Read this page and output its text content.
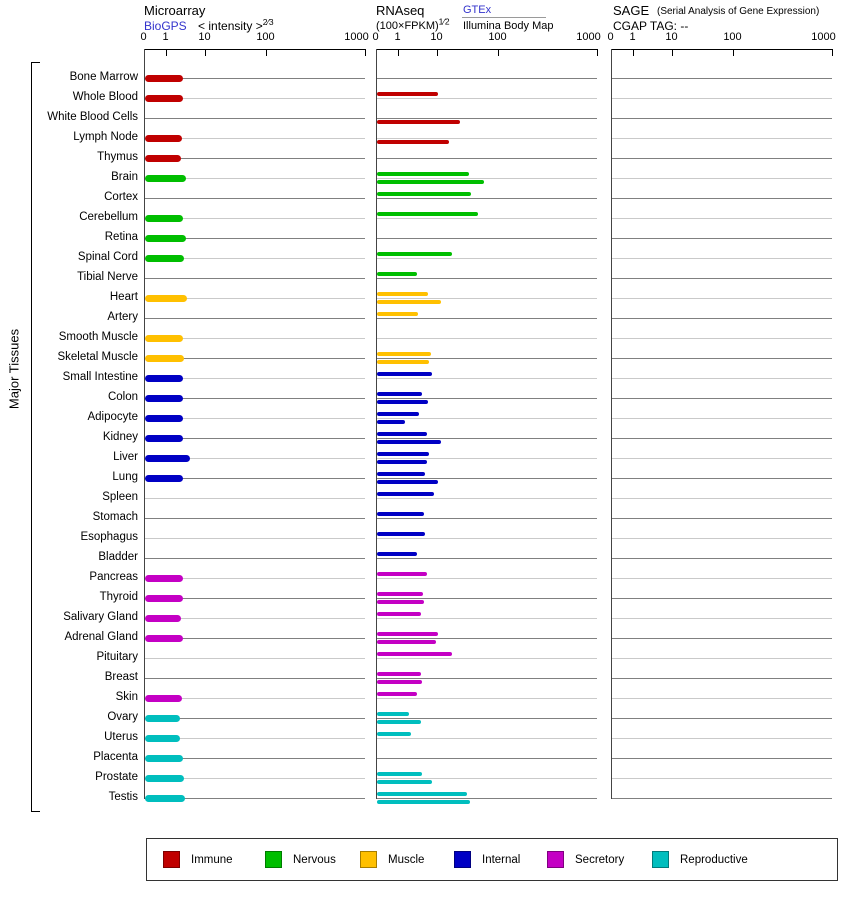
Microarray
BioGPS < intensity >$^{2⁄3}$
RNAseq
(100×FPKM)$^{1⁄2}$
GTEx
Illumina Body Map
SAGE (Serial Analysis of Gene Expression)
CGAP TAG: --
Major Tissues
0	1	10	100	1000 0	1	10	100	1000 0	1	10	100	1000
Bone Marrow
Whole Blood
White Blood Cells
Lymph Node
Thymus
Brain
Cortex
Cerebellum
Retina
Spinal Cord
Tibial Nerve
Heart
Artery
Smooth Muscle
Skeletal Muscle
Small Intestine
Colon
Adipocyte
Kidney
Liver
Lung
Spleen
Stomach
Esophagus
Bladder
Pancreas
Thyroid
Salivary Gland
Adrenal Gland
Pituitary
Breast
Skin
Ovary
Uterus
Placenta
Prostate
Testis
Immune	Nervous	Muscle	Internal	Secretory	Reproductive
